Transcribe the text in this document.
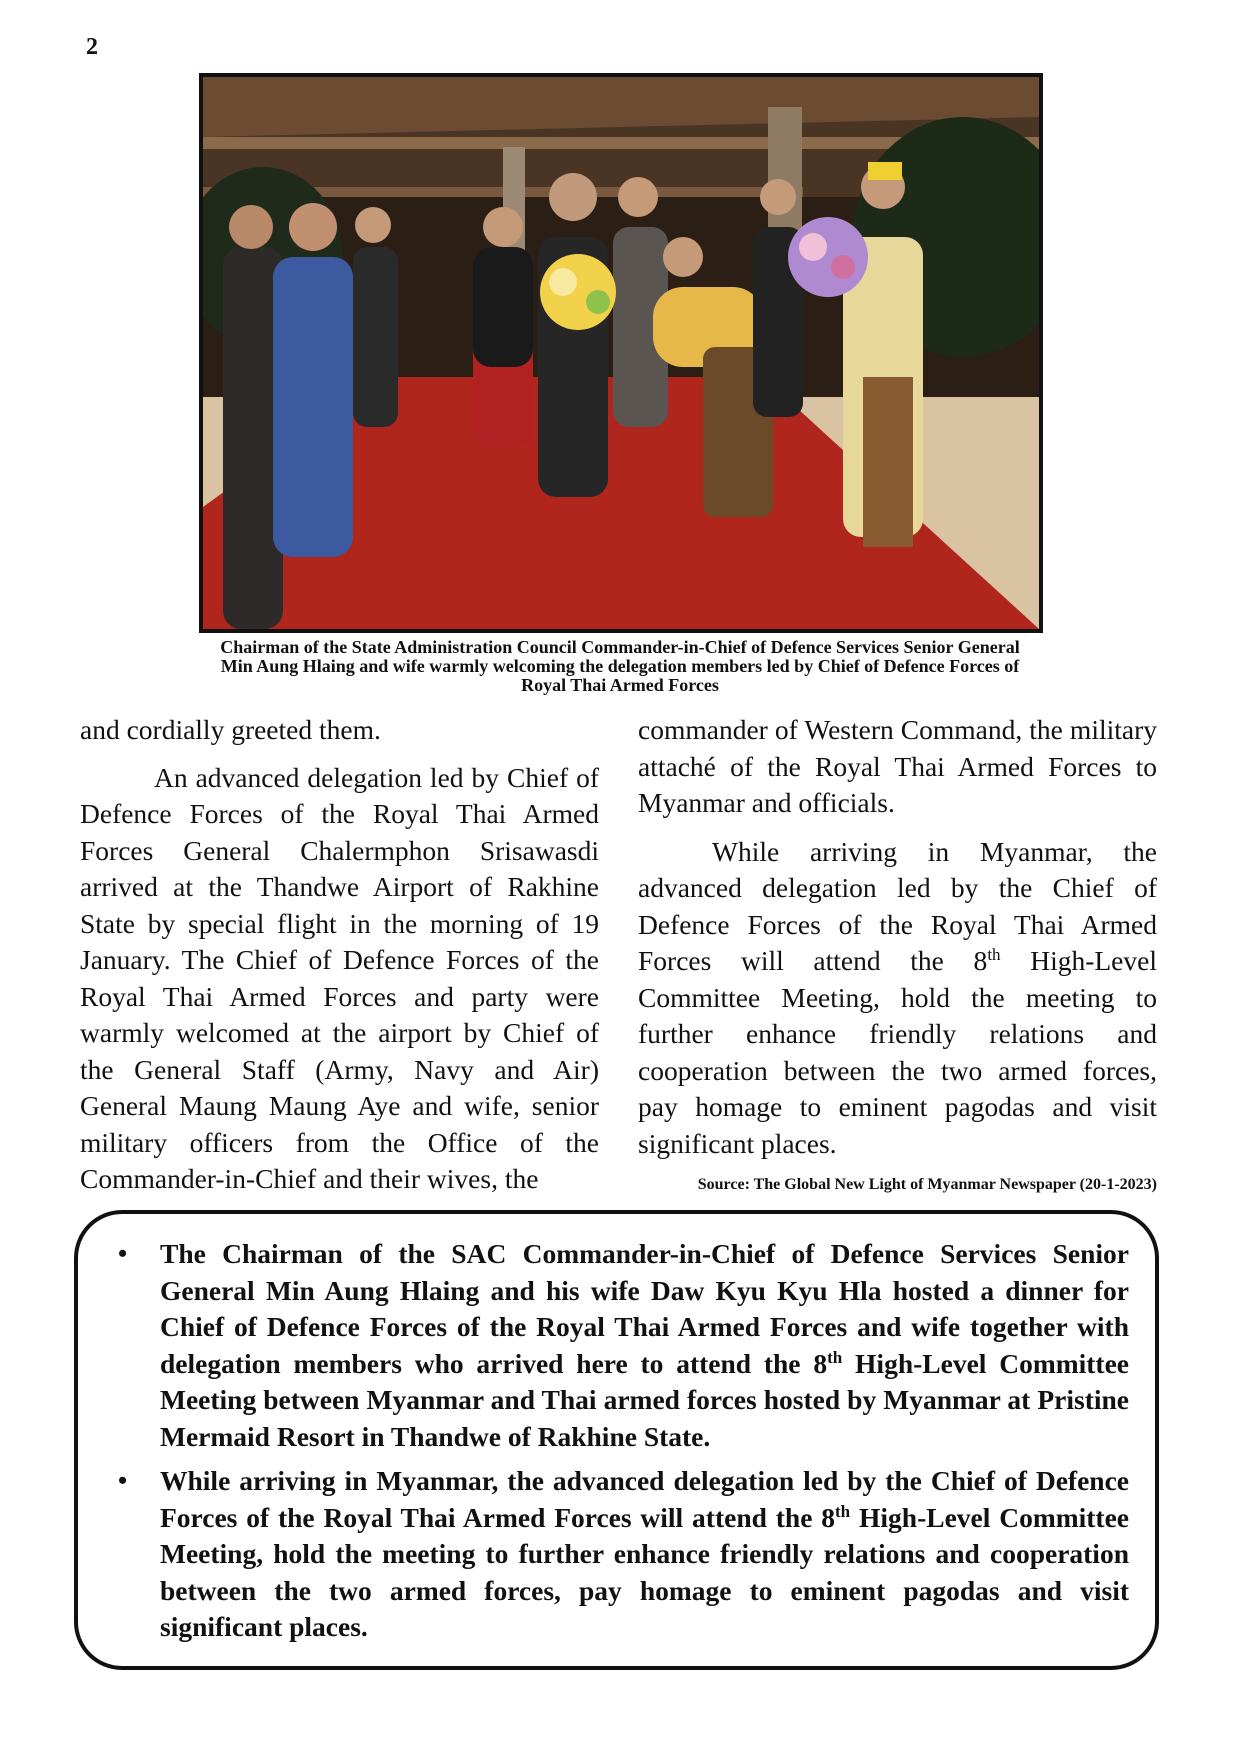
2
Chairman of the State Administration Council Commander-in-Chief of Defence Services Senior General
Min Aung Hlaing and wife warmly welcoming the delegation members led by Chief of Defence Forces of
Royal Thai Armed Forces

and cordially greeted them.

An advanced delegation led by Chief of Defence Forces of the Royal Thai Armed Forces General Chalermphon Srisawasdi arrived at the Thandwe Airport of Rakhine State by special flight in the morning of 19 January. The Chief of Defence Forces of the Royal Thai Armed Forces and party were warmly welcomed at the airport by Chief of the General Staff (Army, Navy and Air) General Maung Maung Aye and wife, senior military officers from the Office of the Commander-in-Chief and their wives, the

commander of Western Command, the military attaché of the Royal Thai Armed Forces to Myanmar and officials.

While arriving in Myanmar, the advanced delegation led by the Chief of Defence Forces of the Royal Thai Armed Forces will attend the 8th High-Level Committee Meeting, hold the meeting to further enhance friendly relations and cooperation between the two armed forces, pay homage to eminent pagodas and visit significant places.

Source: The Global New Light of Myanmar Newspaper (20-1-2023)
• The Chairman of the SAC Commander-in-Chief of Defence Services Senior General Min Aung Hlaing and his wife Daw Kyu Kyu Hla hosted a dinner for Chief of Defence Forces of the Royal Thai Armed Forces and wife together with delegation members who arrived here to attend the 8th High-Level Committee Meeting between Myanmar and Thai armed forces hosted by Myanmar at Pristine Mermaid Resort in Thandwe of Rakhine State.
• While arriving in Myanmar, the advanced delegation led by the Chief of Defence Forces of the Royal Thai Armed Forces will attend the 8th High-Level Committee Meeting, hold the meeting to further enhance friendly relations and cooperation between the two armed forces, pay homage to eminent pagodas and visit significant places.
